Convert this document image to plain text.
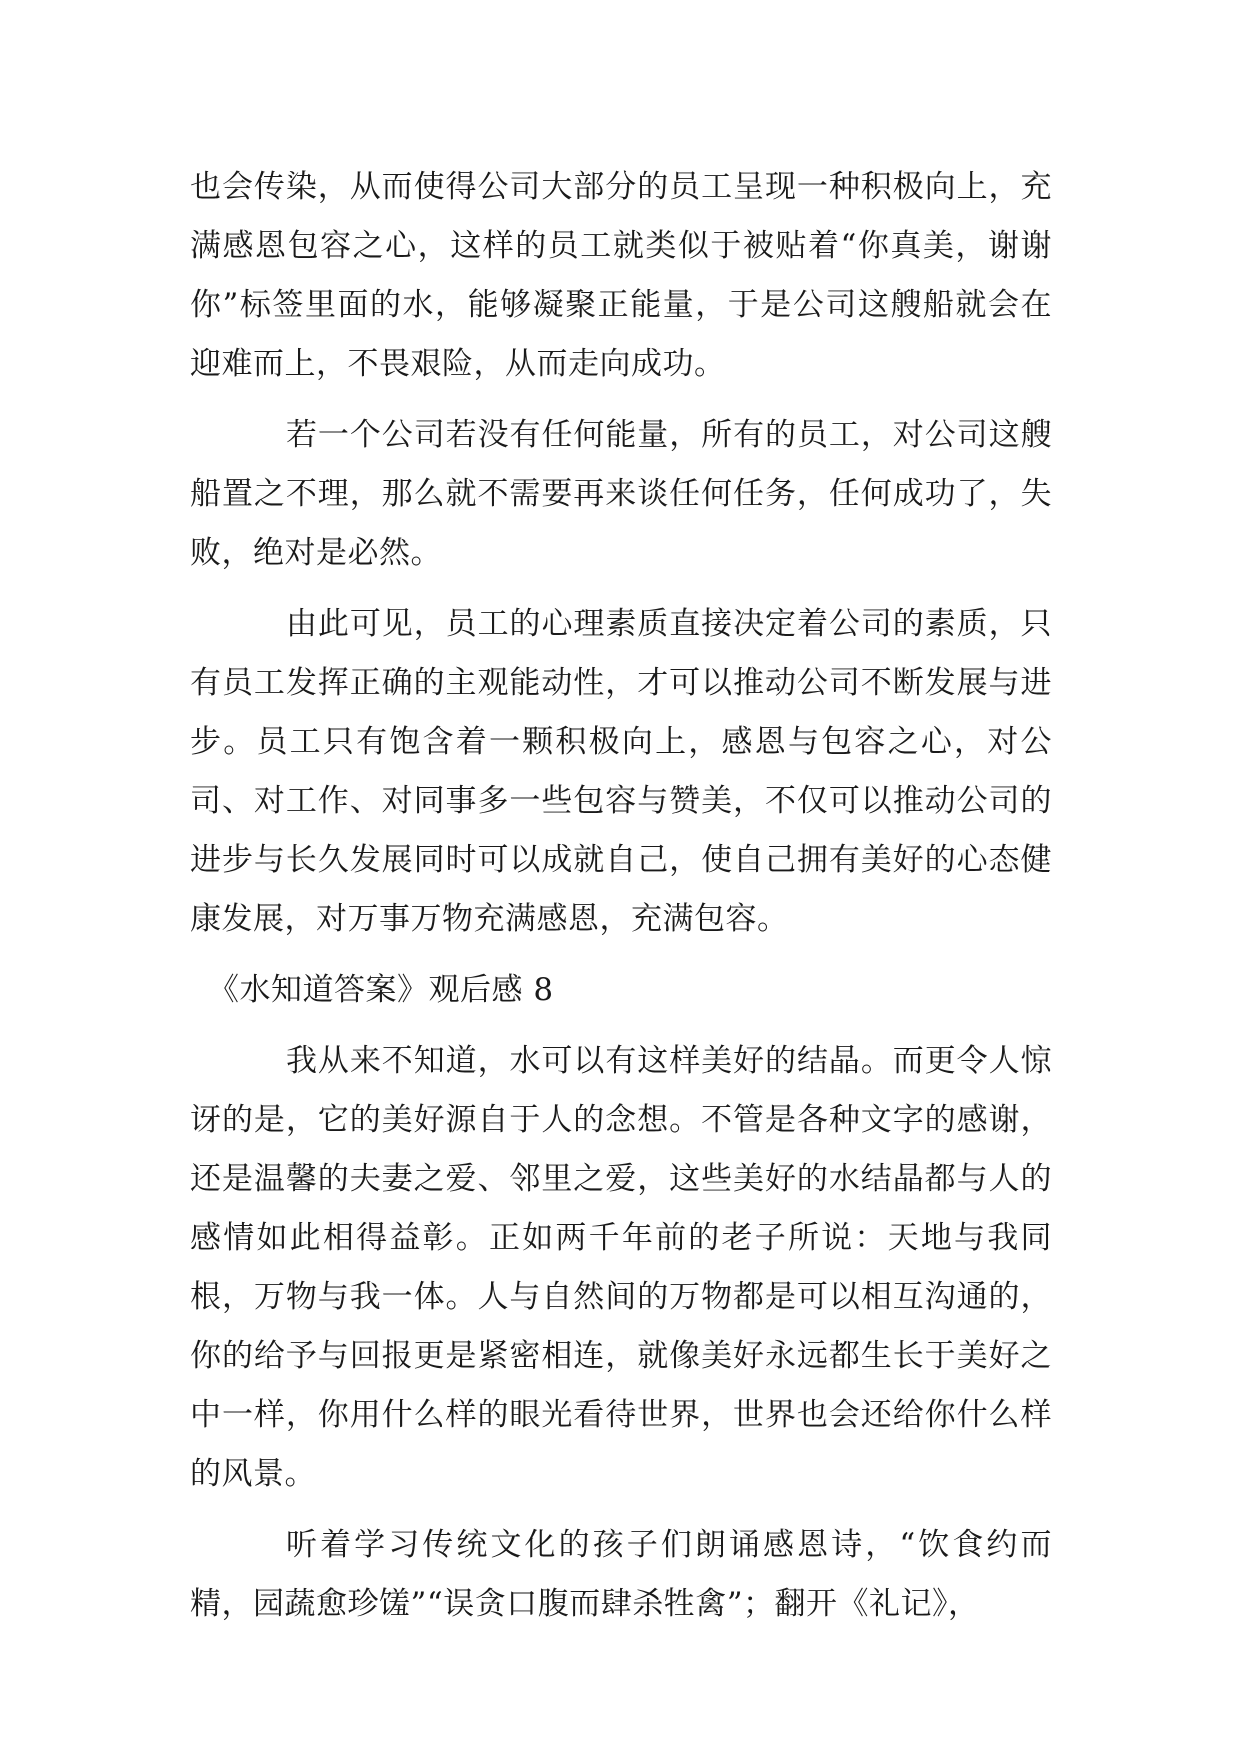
也会传染，从而使得公司大部分的员工呈现一种积极向上，充满感恩包容之心，这样的员工就类似于被贴着“你真美，谢谢你”标签里面的水，能够凝聚正能量，于是公司这艘船就会在迎难而上，不畏艰险，从而走向成功。

若一个公司若没有任何能量，所有的员工，对公司这艘船置之不理，那么就不需要再来谈任何任务，任何成功了，失败，绝对是必然。

由此可见，员工的心理素质直接决定着公司的素质，只有员工发挥正确的主观能动性，才可以推动公司不断发展与进步。员工只有饱含着一颗积极向上，感恩与包容之心，对公司、对工作、对同事多一些包容与赞美，不仅可以推动公司的进步与长久发展同时可以成就自己，使自己拥有美好的心态健康发展，对万事万物充满感恩，充满包容。

《水知道答案》观后感 8

我从来不知道，水可以有这样美好的结晶。而更令人惊讶的是，它的美好源自于人的念想。不管是各种文字的感谢，还是温馨的夫妻之爱、邻里之爱，这些美好的水结晶都与人的感情如此相得益彰。正如两千年前的老子所说：天地与我同根，万物与我一体。人与自然间的万物都是可以相互沟通的，你的给予与回报更是紧密相连，就像美好永远都生长于美好之中一样，你用什么样的眼光看待世界，世界也会还给你什么样的风景。

听着学习传统文化的孩子们朗诵感恩诗，“饮食约而精，园蔬愈珍馐”“误贪口腹而肆杀牲禽”；翻开《礼记》，
